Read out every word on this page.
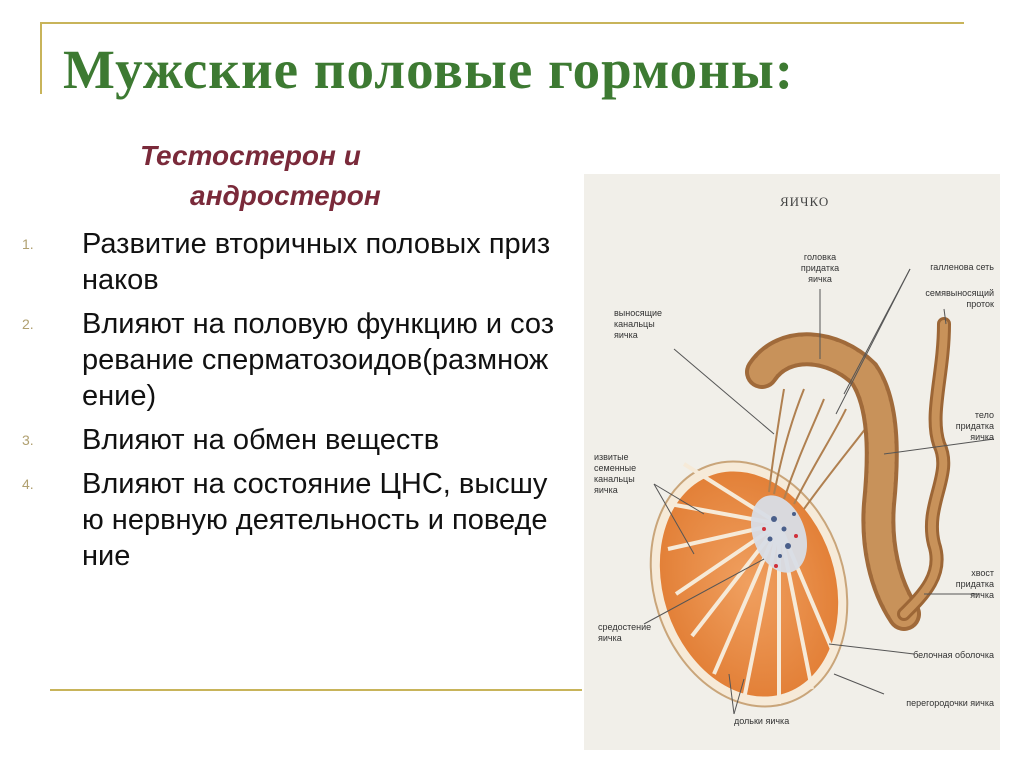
Мужские половые гормоны:
Тестостерон и
андростерон
1. Развитие вторичных половых признаков
2. Влияют на половую функцию и созревание сперматозоидов(размножение)
3. Влияют на обмен веществ
4. Влияют на состояние ЦНС, высшую нервную деятельность и поведение
ЯИЧКО
головка
придатка
яичка
галленова сеть
семявыносящий
проток
выносящие
канальцы
яичка
тело
придатка
яичка
извитые
семенные
канальцы
яичка
хвост
придатка
яичка
средостение
яичка
белочная оболочка
перегородочки яичка
дольки яичка
